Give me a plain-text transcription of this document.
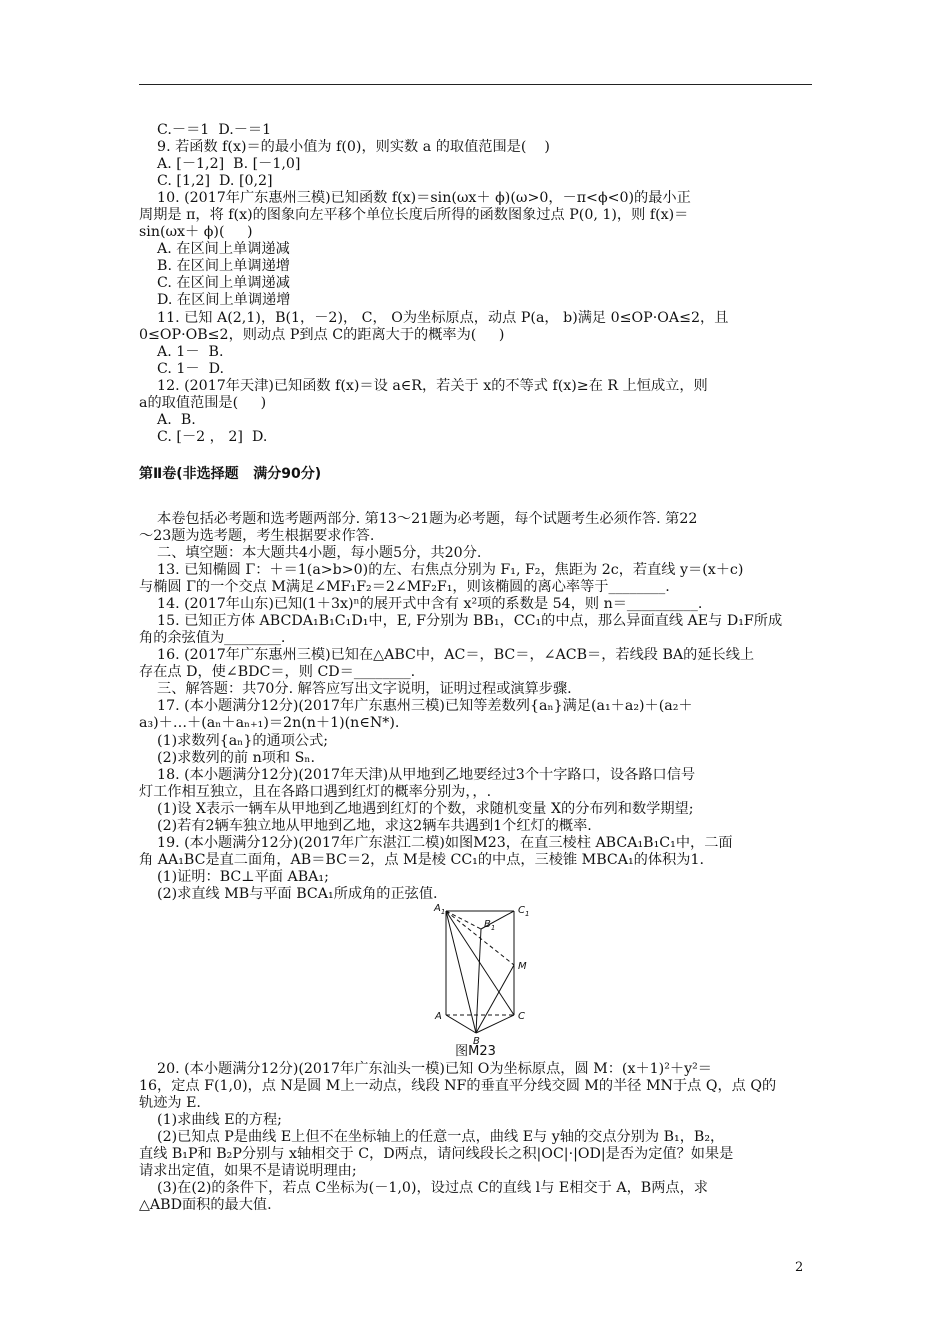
C.－＝1  D.－＝1
9. 若函数 f(x)＝的最小值为 f(0)，则实数 a 的取值范围是(    )
A. [－1,2]  B. [－1,0]
C. [1,2]  D. [0,2]
10. (2017年广东惠州三模)已知函数 f(x)＝sin(ωx＋ ϕ)(ω>0，－π<ϕ<0)的最小正
周期是 π，将 f(x)的图象向左平移个单位长度后所得的函数图象过点 P(0, 1)，则 f(x)＝
sin(ωx＋ ϕ)(     )
A. 在区间上单调递减
B. 在区间上单调递增
C. 在区间上单调递减
D. 在区间上单调递增
11. 已知 A(2,1)，B(1，－2)， C， O为坐标原点，动点 P(a， b)满足 0≤OP·OA≤2，且
0≤OP·OB≤2，则动点 P到点 C的距离大于的概率为(     )
A. 1－  B.
C. 1－  D.
12. (2017年天津)已知函数 f(x)＝设 a∈R，若关于 x的不等式 f(x)≥在 R 上恒成立，则
a的取值范围是(     )
A.  B.
C. [－2 ， 2]  D.
第Ⅱ卷(非选择题   满分90分)
本卷包括必考题和选考题两部分. 第13～21题为必考题，每个试题考生必须作答. 第22
～23题为选考题，考生根据要求作答.
二、填空题：本大题共4小题，每小题5分，共20分.
13. 已知椭圆 Γ：＋＝1(a>b>0)的左、右焦点分别为 F₁, F₂，焦距为 2c，若直线 y＝(x＋c)
与椭圆 Γ的一个交点 M满足∠MF₁F₂＝2∠MF₂F₁，则该椭圆的离心率等于________.
14. (2017年山东)已知(1＋3x)ⁿ的展开式中含有 x²项的系数是 54，则 n＝__________.
15. 已知正方体 ABCDA₁B₁C₁D₁中，E, F分别为 BB₁，CC₁的中点，那么异面直线 AE与 D₁F所成
角的余弦值为________.
16. (2017年广东惠州三模)已知在△ABC中，AC＝，BC＝，∠ACB＝，若线段 BA的延长线上
存在点 D，使∠BDC＝，则 CD＝________.
三、解答题：共70分. 解答应写出文字说明，证明过程或演算步骤.
17. (本小题满分12分)(2017年广东惠州三模)已知等差数列{aₙ}满足(a₁＋a₂)＋(a₂＋
a₃)＋…＋(aₙ＋aₙ₊₁)＝2n(n＋1)(n∈N*).
(1)求数列{aₙ}的通项公式;
(2)求数列的前 n项和 Sₙ.
18. (本小题满分12分)(2017年天津)从甲地到乙地要经过3个十字路口，设各路口信号
灯工作相互独立，且在各路口遇到红灯的概率分别为，，.
(1)设 X表示一辆车从甲地到乙地遇到红灯的个数，求随机变量 X的分布列和数学期望;
(2)若有2辆车独立地从甲地到乙地，求这2辆车共遇到1个红灯的概率.
19. (本小题满分12分)(2017年广东湛江二模)如图M23，在直三棱柱 ABCA₁B₁C₁中，二面
角 AA₁BC是直二面角，AB＝BC＝2，点 M是棱 CC₁的中点，三棱锥 MBCA₁的体积为1.
(1)证明：BC⊥平面 ABA₁;
(2)求直线 MB与平面 BCA₁所成角的正弦值.
$A_1$	$C_1$
$B_1$
M
A	C
B
图M23
20. (本小题满分12分)(2017年广东汕头一模)已知 O为坐标原点，圆 M：(x＋1)²＋y²＝
16，定点 F(1,0)，点 N是圆 M上一动点，线段 NF的垂直平分线交圆 M的半径 MN于点 Q，点 Q的
轨迹为 E.
(1)求曲线 E的方程;
(2)已知点 P是曲线 E上但不在坐标轴上的任意一点，曲线 E与 y轴的交点分别为 B₁，B₂，
直线 B₁P和 B₂P分别与 x轴相交于 C，D两点，请问线段长之积|OC|·|OD|是否为定值？如果是
请求出定值，如果不是请说明理由;
(3)在(2)的条件下，若点 C坐标为(－1,0)，设过点 C的直线 l与 E相交于 A，B两点，求
△ABD面积的最大值.
2
